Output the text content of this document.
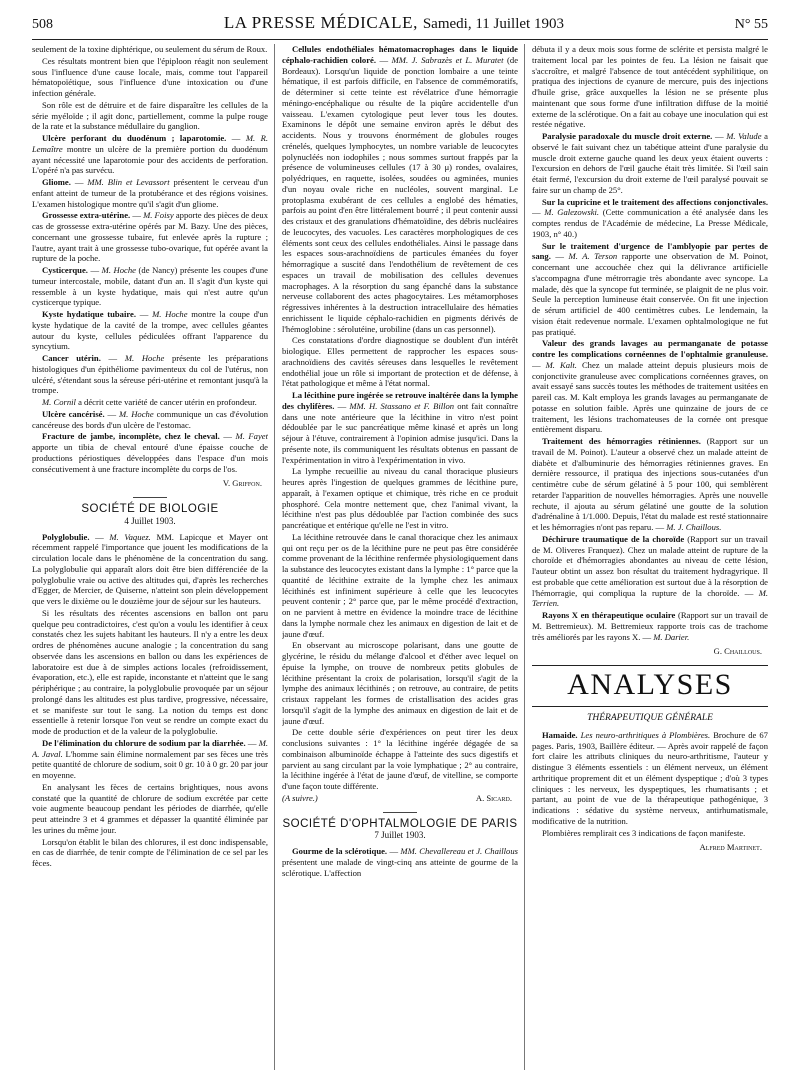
508	LA PRESSE MÉDICALE, Samedi, 11 Juillet 1903	N° 55

seulement de la toxine diphtérique, ou seulement du sérum de Roux.

Ces résultats montrent bien que l'épiploon réagit non seulement sous l'influence d'une cause locale, mais, comme tout l'appareil hématopoïétique, sous l'influence d'une intoxication ou d'une infection générale.

Son rôle est de détruire et de faire disparaître les cellules de la série myéloïde ; il agit donc, partiellement, comme la pulpe rouge de la rate et la substance médullaire du ganglion.

Ulcère perforant du duodénum ; laparotomie. — M. R. Lemaître montre un ulcère de la première portion du duodénum ayant nécessité une laparotomie pour des accidents de perforation. L'opéré n'a pas survécu.

Gliome. — MM. Blin et Levassort présentent le cerveau d'un enfant atteint de tumeur de la protubérance et des régions voisines. L'examen histologique montre qu'il s'agit d'un gliome.

Grossesse extra-utérine. — M. Foisy apporte des pièces de deux cas de grossesse extra-utérine opérés par M. Bazy. Une des pièces, concernant une grossesse tubaire, fut enlevée après la rupture ; l'autre, ayant trait à une grossesse tubo-ovarique, fut opérée avant la rupture de la poche.

Cysticerque. — M. Hoche (de Nancy) présente les coupes d'une tumeur intercostale, mobile, datant d'un an. Il s'agit d'un kyste qui ressemble à un kyste hydatique, mais qui n'est autre qu'un cysticerque typique.

Kyste hydatique tubaire. — M. Hoche montre la coupe d'un kyste hydatique de la cavité de la trompe, avec cellules géantes autour du kyste, cellules pédiculées offrant l'apparence du syncytium.

Cancer utérin. — M. Hoche présente les préparations histologiques d'un épithéliome pavimenteux du col de l'utérus, non ulcéré, s'étendant sous la séreuse péri-utérine et remontant jusqu'à la trompe.

M. Cornil a décrit cette variété de cancer utérin en profondeur.

Ulcère cancérisé. — M. Hoche communique un cas d'évolution cancéreuse des bords d'un ulcère de l'estomac.

Fracture de jambe, incomplète, chez le cheval. — M. Fayet apporte un tibia de cheval entouré d'une épaisse couche de productions périostiques développées dans l'espace d'un mois consécutivement à une fracture incomplète du corps de l'os.

V. Griffon.

SOCIÉTÉ DE BIOLOGIE
4 Juillet 1903.

Polyglobulie. — M. Vaquez. MM. Lapicque et Mayer ont récemment rappelé l'importance que jouent les modifications de la circulation locale dans le phénomène de la concentration du sang. La polyglobulie qui apparaît alors doit être bien différenciée de la polyglobulie vraie ou active des altitudes qui, d'après les recherches d'Egger, de Mercier, de Quiserne, n'atteint son plein développement que vers le dixième ou le douzième jour de séjour sur les hauteurs.

Si les résultats des récentes ascensions en ballon ont paru quelque peu contradictoires, c'est qu'on a voulu les identifier à ceux constatés chez les sujets habitant les hauteurs. Il n'y a entre les deux ordres de phénomènes aucune analogie ; la concentration du sang observée dans les ascensions en ballon ou dans les expériences de laboratoire est due à de simples actions locales (refroidissement, évaporation, etc.), elle est rapide, inconstante et n'atteint que le sang périphérique ; au contraire, la polyglobulie provoquée par un séjour prolongé dans les altitudes est plus tardive, progressive, nécessaire, et se manifeste sur tout le sang. La notion du temps est donc essentielle à retenir lorsque l'on veut se rendre un compte exact du mode de production et de la valeur de la polyglobulie.

De l'élimination du chlorure de sodium par la diarrhée. — M. A. Javal. L'homme sain élimine normalement par ses fèces une très petite quantité de chlorure de sodium, soit 0 gr. 10 à 0 gr. 20 par jour en moyenne.

En analysant les fèces de certains brightiques, nous avons constaté que la quantité de chlorure de sodium excrétée par cette voie augmente beaucoup pendant les périodes de diarrhée, qu'elle peut atteindre 3 et 4 grammes et dépasser la quantité éliminée par les urines du même jour.

Lorsqu'on établit le bilan des chlorures, il est donc indispensable, en cas de diarrhée, de tenir compte de l'élimination de ce sel par les fèces.

Cellules endothéliales hématomacrophages dans le liquide céphalo-rachidien coloré. — MM. J. Sabrazès et L. Muratet (de Bordeaux). Lorsqu'un liquide de ponction lombaire a une teinte hématique, il est parfois difficile, en l'absence de commémoratifs, de déterminer si cette teinte est révélatrice d'une hémorragie méningo-encéphalique ou résulte de la piqûre accidentelle d'un vaisseau. L'examen cytologique peut lever tous les doutes. Examinons le dépôt une semaine environ après le début des accidents. Nous y trouvons énormément de globules rouges crénelés, quelques lymphocytes, un nombre variable de leucocytes polynucléés non iodophiles ; nous sommes surtout frappés par la présence de volumineuses cellules (17 à 30 μ) rondes, ovalaires, polyédriques, en raquette, isolées, soudées ou agminées, munies d'un noyau ovale riche en nucléoles, souvent marginal. Le protoplasma exubérant de ces cellules a englobé des hématies, parfois au point d'en être littéralement bourré ; il peut contenir aussi des cristaux et des granulations d'hématoïdine, des débris nucléaires de leucocytes, des vacuoles. Les caractères morphologiques de ces éléments sont ceux des cellules endothéliales. Ainsi le passage dans les espaces sous-arachnoïdiens de particules émanées du foyer hémorragique a suscité dans l'endothélium de revêtement de ces espaces un travail de mobilisation des cellules devenues macrophages. A la résorption du sang épanché dans la substance nerveuse collaborent des actes phagocytaires. Les métamorphoses régressives inhérentes à la destruction intracellulaire des hématies enrichissent le liquide céphalo-rachidien en pigments dérivés de l'hémoglobine : sérolutéine, urobiline (dans un cas personnel).

Ces constatations d'ordre diagnostique se doublent d'un intérêt biologique. Elles permettent de rapprocher les espaces sous-arachnoïdiens des cavités séreuses dans lesquelles le revêtement endothélial joue un rôle si important de protection et de défense, à l'état pathologique et même à l'état normal.

La lécithine pure ingérée se retrouve inaltérée dans la lymphe des chylifères. — MM. H. Stassano et F. Billon ont fait connaître dans une note antérieure que la lécithine in vitro n'est point dédoublée par le suc pancréatique même kinasé et après un long séjour à l'étuve, contrairement à l'opinion admise jusqu'ici. Dans la présente note, ils communiquent les résultats obtenus en passant de l'expérimentation in vitro à l'expérimentation in vivo.

La lymphe recueillie au niveau du canal thoracique plusieurs heures après l'ingestion de quelques grammes de lécithine pure, apparaît, à l'examen optique et chimique, très riche en ce produit phosphoré. Cela montre nettement que, chez l'animal vivant, la lécithine n'est pas plus dédoublée par l'action combinée des sucs pancréatique et entérique qu'elle ne l'est in vitro.

La lécithine retrouvée dans le canal thoracique chez les animaux qui ont reçu per os de la lécithine pure ne peut pas être considérée comme provenant de la lécithine renfermée physiologiquement dans la substance des leucocytes existant dans la lymphe : 1° parce que la quantité de lécithine extraite de la lymphe chez les animaux lécithinés est infiniment supérieure à celle que les leucocytes peuvent contenir ; 2° parce que, par le même procédé d'extraction, on ne parvient à mettre en évidence la moindre trace de lécithine dans la lymphe normale chez les animaux en digestion de lait et de jaune d'œuf.

En observant au microscope polarisant, dans une goutte de glycérine, le résidu du mélange d'alcool et d'éther avec lequel on épuise la lymphe, on trouve de nombreux petits globules de lécithine présentant la croix de polarisation, lorsqu'il s'agit de la lymphe des animaux lécithinés ; on retrouve, au contraire, de petits cristaux rappelant les formes de cristallisation des acides gras lorsqu'il s'agit de la lymphe des animaux en digestion de lait et de jaune d'œuf.

De cette double série d'expériences on peut tirer les deux conclusions suivantes : 1° la lécithine ingérée dégagée de sa combinaison albuminoïde échappe à l'atteinte des sucs digestifs et parvient au sang circulant par la voie lymphatique ; 2° au contraire, la lécithine ingérée à l'état de jaune d'œuf, de vitelline, se comporte d'une façon toute différente.

(A suivre.)	A. Sicard.

SOCIÉTÉ D'OPHTALMOLOGIE DE PARIS
7 Juillet 1903.

Gourme de la sclérotique. — MM. Chevallereau et J. Chaillous présentent une malade de vingt-cinq ans atteinte de gourme de la sclérotique. L'affection

débuta il y a deux mois sous forme de sclérite et persista malgré le traitement local par les pointes de feu. La lésion ne faisait que s'accroître, et malgré l'absence de tout antécédent syphilitique, on pratiqua des injections de cyanure de mercure, puis des injections d'huile grise, grâce auxquelles la lésion ne se présente plus maintenant que sous forme d'une infiltration diffuse de la moitié externe de la sclérotique. On a fait au cobaye une inoculation qui est restée négative.

Paralysie paradoxale du muscle droit externe. — M. Valude a observé le fait suivant chez un tabétique atteint d'une paralysie du muscle droit externe gauche quand les deux yeux étaient ouverts : l'excursion en dehors de l'œil gauche était très limitée. Si l'œil sain était fermé, l'excursion du droit externe de l'œil paralysé pouvait se faire sur un champ de 25°.

Sur la cupricine et le traitement des affections conjonctivales. — M. Galezowski. (Cette communication a été analysée dans les comptes rendus de l'Académie de médecine, La Presse Médicale, 1903, n° 40.)

Sur le traitement d'urgence de l'amblyopie par pertes de sang. — M. A. Terson rapporte une observation de M. Poinot, concernant une accouchée chez qui la délivrance artificielle s'accompagna d'une métrorragie très abondante avec syncope. La malade, dès que la syncope fut terminée, se plaignit de ne plus voir. Seule la perception lumineuse était conservée. On fit une injection de sérum artificiel de 400 centimètres cubes. Le lendemain, la vision était redevenue normale. L'examen ophtalmologique ne fut pas pratiqué.

Valeur des grands lavages au permanganate de potasse contre les complications cornéennes de l'ophtalmie granuleuse. — M. Kalt. Chez un malade atteint depuis plusieurs mois de conjonctivite granuleuse avec complications cornéennes graves, on avait essayé sans succès toutes les méthodes de traitement usitées en pareil cas. M. Kalt employa les grands lavages au permanganate de potasse en solution faible. Après une quinzaine de jours de ce traitement, les lésions trachomateuses de la cornée ont presque entièrement disparu.

Traitement des hémorragies rétiniennes. (Rapport sur un travail de M. Poinot). L'auteur a observé chez un malade atteint de diabète et d'albuminurie des hémorragies rétiniennes graves. En dernière ressource, il pratiqua des injections sous-cutanées d'un centimètre cube de sérum gélatiné à 5 pour 100, qui semblèrent retarder l'apparition de nouvelles hémorragies. Après une nouvelle rechute, il ajouta au sérum gélatiné une goutte de la solution d'adrénaline à 1/1.000. Depuis, l'état du malade est resté stationnaire et les hémorragies n'ont pas reparu. — M. J. Chaillous.

Déchirure traumatique de la choroïde (Rapport sur un travail de M. Oliveres Franquez). Chez un malade atteint de rupture de la choroïde et d'hémorragies abondantes au niveau de cette lésion, l'auteur obtint un assez bon résultat du traitement hydragyrique. Il est probable que cette amélioration est surtout due à la résorption de l'hémorragie, qui compliqua la rupture de la choroïde. — M. Terrien.

Rayons X en thérapeutique oculaire (Rapport sur un travail de M. Bettremieux). M. Bettremieux rapporte trois cas de trachome très améliorés par les rayons X. — M. Darier.

G. Chaillous.

ANALYSES
THÉRAPEUTIQUE GÉNÉRALE

Hamaide. Les neuro-arthritiques à Plombières. Brochure de 67 pages. Paris, 1903, Baillère éditeur. — Après avoir rappelé de façon fort claire les attributs cliniques du neuro-arthritisme, l'auteur y distingue 3 éléments essentiels : un élément nerveux, un élément arthritique proprement dit et un élément dyspeptique ; d'où 3 types cliniques : les nerveux, les dyspeptiques, les rhumatisants ; et partant, au point de vue de la thérapeutique pathogénique, 3 indications : sédative du système nerveux, antirhumatismale, modificative de la nutrition.

Plombières remplirait ces 3 indications de façon manifeste.

Alfred Martinet.
